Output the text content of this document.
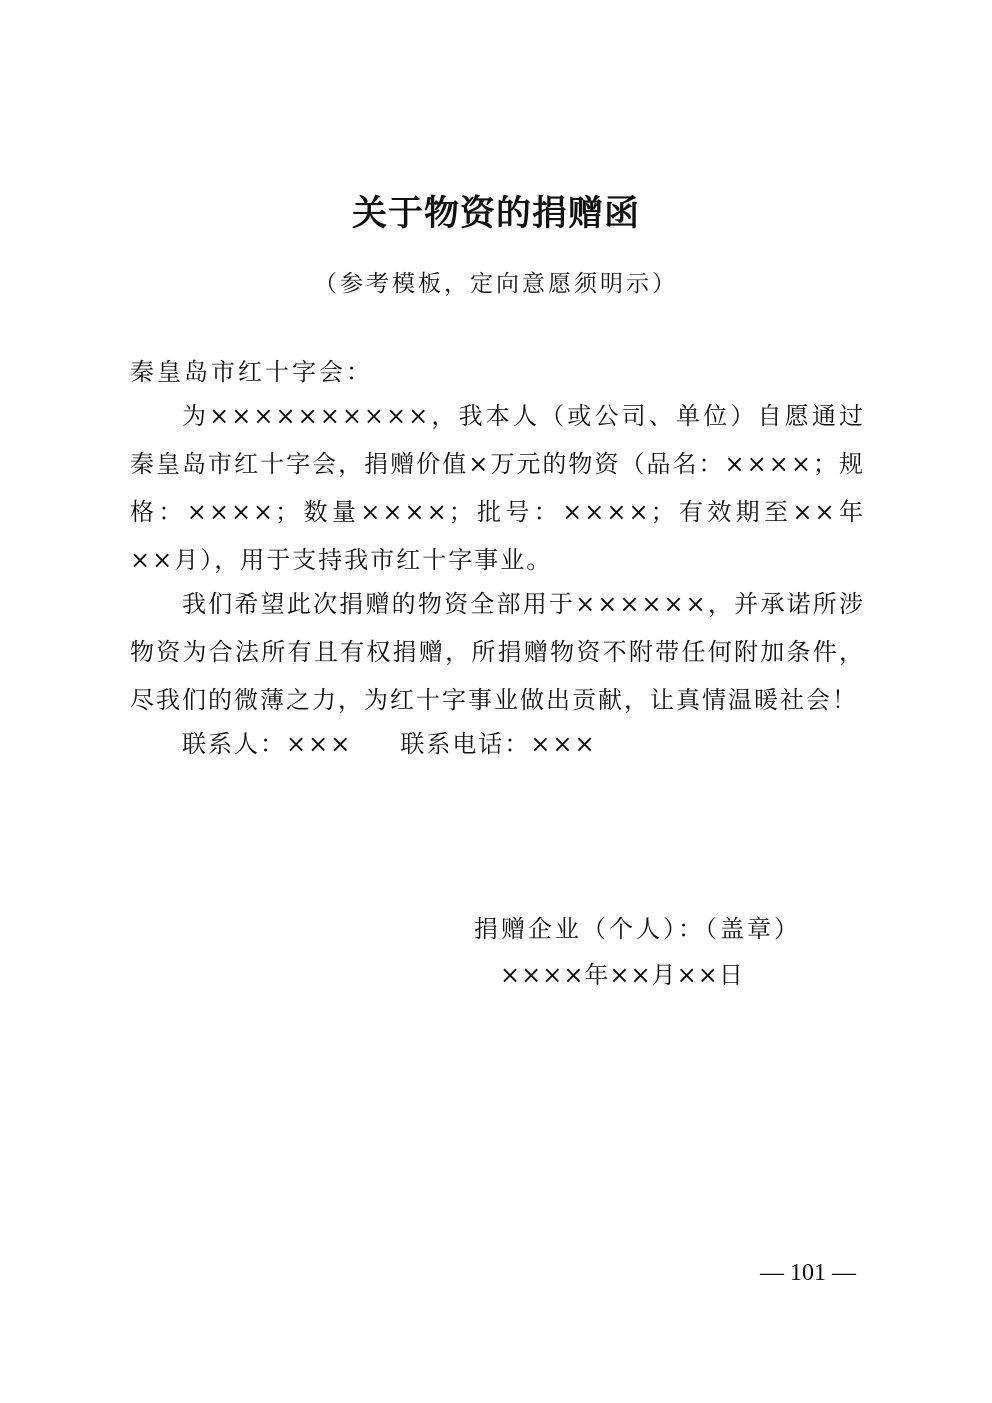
关于物资的捐赠函
（参考模板，定向意愿须明示）
秦皇岛市红十字会：
为××××××××××，我本人（或公司、单位）自愿通过秦皇岛市红十字会，捐赠价值×万元的物资（品名：××××；规格：××××；数量××××；批号：××××；有效期至××年××月），用于支持我市红十字事业。
我们希望此次捐赠的物资全部用于××××××，并承诺所涉物资为合法所有且有权捐赠，所捐赠物资不附带任何附加条件，尽我们的微薄之力，为红十字事业做出贡献，让真情温暖社会！
联系人：××× 联系电话：×××
捐赠企业（个人）：（盖章）
××××年××月××日
— 101 —
